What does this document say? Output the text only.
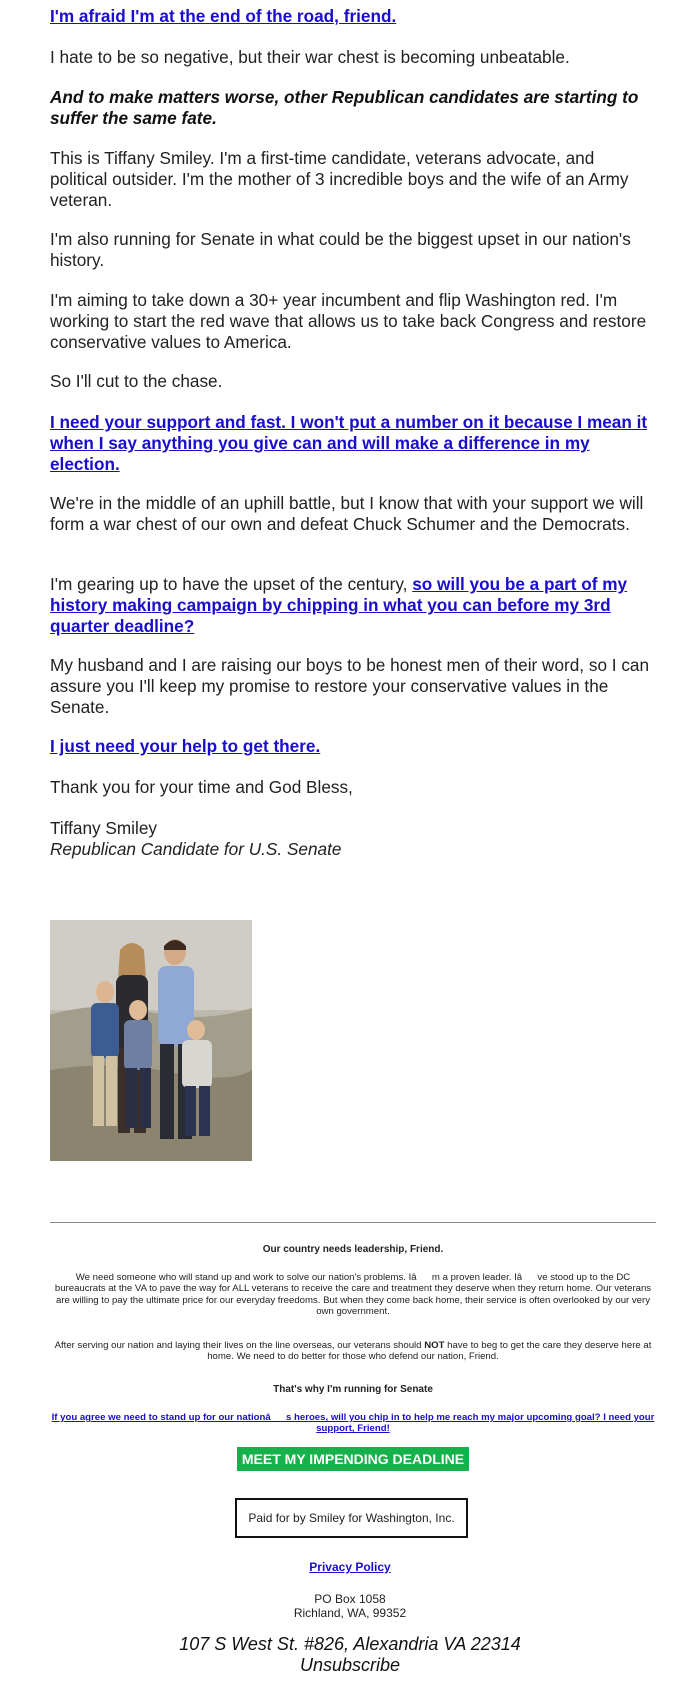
I'm afraid I'm at the end of the road, friend.

I hate to be so negative, but their war chest is becoming unbeatable.

And to make matters worse, other Republican candidates are starting to suffer the same fate.

This is Tiffany Smiley. I'm a first-time candidate, veterans advocate, and political outsider. I'm the mother of 3 incredible boys and the wife of an Army veteran.

I'm also running for Senate in what could be the biggest upset in our nation's history.

I'm aiming to take down a 30+ year incumbent and flip Washington red. I'm working to start the red wave that allows us to take back Congress and restore conservative values to America.

So I'll cut to the chase.

I need your support and fast. I won't put a number on it because I mean it when I say anything you give can and will make a difference in my election.

We're in the middle of an uphill battle, but I know that with your support we will form a war chest of our own and defeat Chuck Schumer and the Democrats.

I'm gearing up to have the upset of the century, so will you be a part of my history making campaign by chipping in what you can before my 3rd quarter deadline?

My husband and I are raising our boys to be honest men of their word, so I can assure you I'll keep my promise to restore your conservative values in the Senate.

I just need your help to get there.

Thank you for your time and God Bless,

Tiffany Smiley

Republican Candidate for U.S. Senate

Our country needs leadership, Friend.

We need someone who will stand up and work to solve our nation's problems. Iâm a proven leader. Iâve stood up to the DC bureaucrats at the VA to pave the way for ALL veterans to receive the care and treatment they deserve when they return home. Our veterans are willing to pay the ultimate price for our everyday freedoms. But when they come back home, their service is often overlooked by our very own government.

After serving our nation and laying their lives on the line overseas, our veterans should NOT have to beg to get the care they deserve here at home. We need to do better for those who defend our nation, Friend.

That's why I'm running for Senate

If you agree we need to stand up for our nationâs heroes, will you chip in to help me reach my major upcoming goal? I need your support, Friend!

MEET MY IMPENDING DEADLINE
Paid for by Smiley for Washington, Inc.
Privacy Policy

PO Box 1058

Richland, WA, 99352

107 S West St. #826, Alexandria VA 22314

Unsubscribe
